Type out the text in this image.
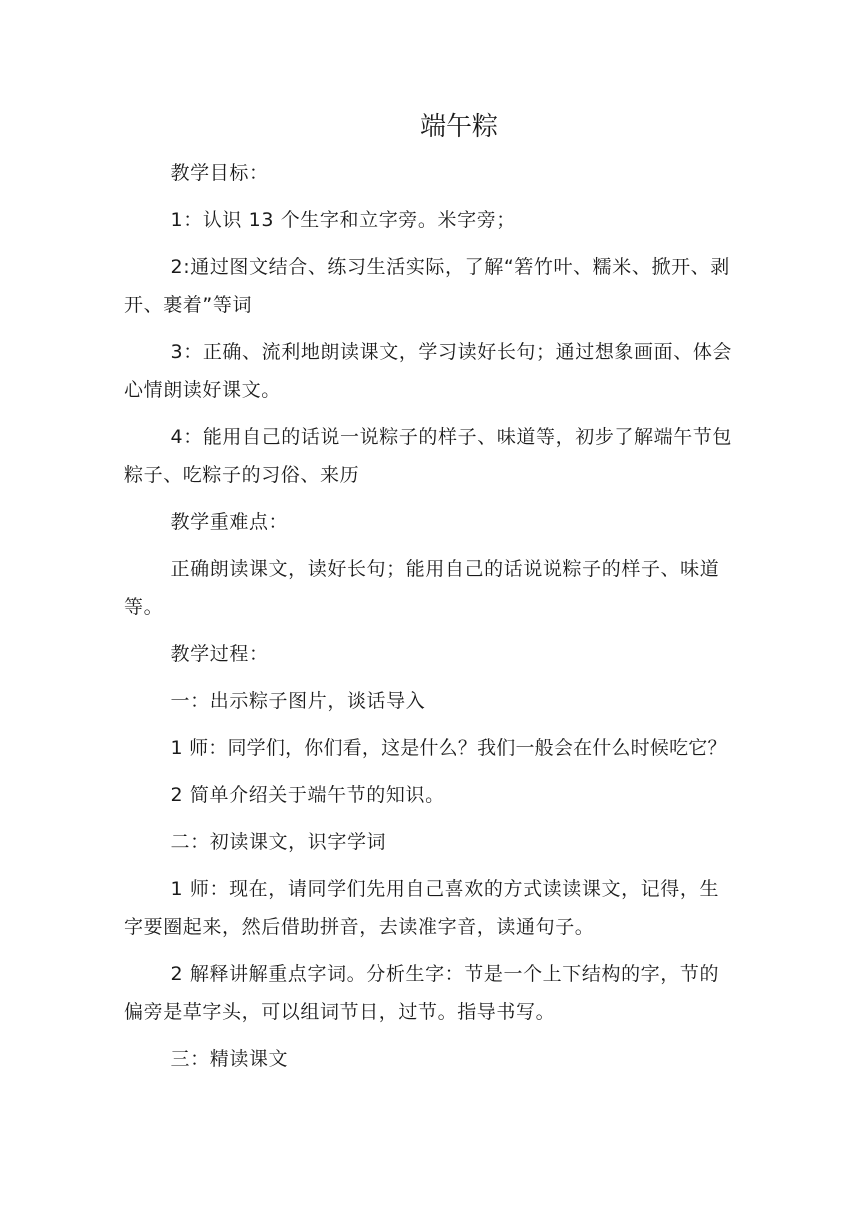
端午粽

教学目标：

1：认识 13 个生字和立字旁。米字旁；

2:通过图文结合、练习生活实际，了解“箬竹叶、糯米、掀开、剥开、裹着”等词

3：正确、流利地朗读课文，学习读好长句；通过想象画面、体会心情朗读好课文。

4：能用自己的话说一说粽子的样子、味道等，初步了解端午节包粽子、吃粽子的习俗、来历

教学重难点：

正确朗读课文，读好长句；能用自己的话说说粽子的样子、味道等。

教学过程：

一：出示粽子图片，谈话导入

1 师：同学们，你们看，这是什么？我们一般会在什么时候吃它？

2 简单介绍关于端午节的知识。

二：初读课文，识字学词

1 师：现在，请同学们先用自己喜欢的方式读读课文，记得，生字要圈起来，然后借助拼音，去读准字音，读通句子。

2 解释讲解重点字词。分析生字：节是一个上下结构的字，节的偏旁是草字头，可以组词节日，过节。指导书写。

三：精读课文
